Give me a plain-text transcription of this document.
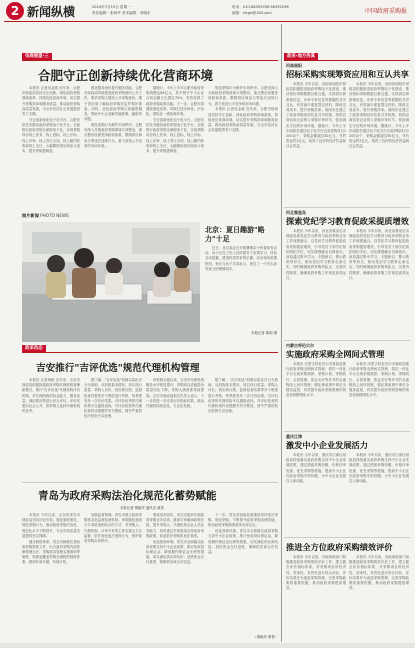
2 新闻纵横	2024年7月15日 星期一
责任编辑：张杨华 美术编辑：李晓东
电话：010-68392598 68392598
邮箱：zfcgb@163.com	中国政府采购报
电商展望·三
合肥守正创新持续优化营商环境

本报讯 记者吴金威 近年来，合肥市财政局坚持守正创新，深化政府采购领域改革，持续优化营商环境，切实提升采购效率和服务质量，推动政府采购高质量发展，为全市经济社会发展提供有力支撑。

守正创新优化电子化平台。合肥市依托安徽省政府采购电子化平台，全面推行政府采购全流程电子化，实现采购项目线上发布、线上投标、线上开标、线上评审、线上签订合同、线上履约验收和线上支付，大幅降低供应商参与成本，提升采购透明度。

强化服务意识提升服务效能。合肥市财政局持续推进政府采购意向公开工作，要求采购人提前公开采购意向，便于供应商了解政府采购信息并做好准备。同时，优化政府采购合同融资服务，帮助中小企业解决融资难、融资贵问题。

规范采购行为维护市场秩序。合肥市深入开展政府采购领域专项整治，重点整治设置差别歧视条款、限制供应商参与等违法违规行为，着力营造公平竞争的市场环境。

据统计，今年上半年合肥市政府采购规模达86亿元，其中授予中小企业合同金额占比超过70%，有效发挥了政府采购政策功能。下一步，合肥市将继续深化改革，持续打造市场化、法治化、国际化一流营商环境。

守正创新优化电子化平台。合肥市依托安徽省政府采购电子化平台，全面推行政府采购全流程电子化，实现采购项目线上发布、线上投标、线上开标、线上评审、线上签订合同、线上履约验收和线上支付，大幅降低供应商参与成本，提升采购透明度。

规范采购行为维护市场秩序。合肥市深入开展政府采购领域专项整治，重点整治设置差别歧视条款、限制供应商参与等违法违规行为，着力营造公平竞争的市场环境。

本报讯 记者吴金威 近年来，合肥市财政局坚持守正创新，深化政府采购领域改革，持续优化营商环境，切实提升采购效率和服务质量，推动政府采购高质量发展，为全市经济社会发展提供有力支撑。

图片新闻 PHOTO NEWS
北京：夏日趣游"略力"十足

近日，北京某社区开展暑期亲子科普体验活动，孩子们在工作人员的指导下参观学习，体验互动装置，感受科技带来的乐趣。活动现场氛围热烈，家长与孩子共同参与，度过了一个充实而有意义的暑期周末。

本报记者 陈明 摄
政采动态
吉安推行"吉评优选"规范代理机构管理

本报讯 记者杨帆 近年来，吉安市财政局积极探索政府采购代理机构管理新模式，推行"吉评优选"代理机构评价机制，对代理机构的执业能力、服务质量、诚信情况等进行综合评价，评价结果向社会公开，供采购人选择代理机构时参考。

据了解，"吉评优选"机制以量化评分为基础，从机构基本情况、项目执行质量、采购人评价、供应商反馈、监督检查结果等多个维度进行考核，每季度发布一次评价结果。对评价优秀的代理机构予以通报表扬，对评价较差的代理机构约谈提醒并责令整改，情节严重的依法依规予以处理。

该机制实施以来，吉安市代理机构服务水平明显提升，采购项目质疑投诉数量同比下降，采购人满意度持续提高。吉安市财政局相关负责人表示，下一步将进一步完善评价指标体系，推动代理机构规范化、专业化发展。

据了解，"吉评优选"机制以量化评分为基础，从机构基本情况、项目执行质量、采购人评价、供应商反馈、监督检查结果等多个维度进行考核，每季度发布一次评价结果。对评价优秀的代理机构予以通报表扬，对评价较差的代理机构约谈提醒并责令整改，情节严重的依法依规予以处理。

青岛为政府采购法治化规范化蓄势赋能
本报记者 胡晓华 通讯员 黄青

本报讯 今年以来，山东省青岛市财政局坚持法治引领，强化制度建设，规范采购行为，推动政府采购法治化、规范化水平不断提升，为全市高质量发展提供坚实保障。

健全制度体系。青岛市梳理完善政府采购制度文件，出台政府采购内部控制管理办法、采购需求管理实施细则等制度，构建起覆盖采购全流程的制度体系，做到有章可循、有规可依。

加强监督管理。青岛市建立政府采购常态化监督检查机制，采取随机抽查与专项检查相结合的方式，对采购人、代理机构、评审专家等主体实施全方位监督，依法查处违法违规行为，维护政府采购市场秩序。

强化培训宣传。青岛市组织开展政府采购业务培训，邀请专家解读政策法规，提升采购人、代理机构从业人员业务能力；同时通过多种渠道宣传政府采购政策，营造依法采购的良好氛围。

优化营商环境。青岛市全面落实政府采购支持中小企业政策，推行免收投标保证金、降低履约保证金比例等措施，切实减轻供应商负担；加快资金支付进度，保障供应商合法权益。

下一步，青岛市财政局将继续坚持依法采购、规范采购，不断提升政府采购治理效能，推动政府采购制度改革走深走实。

优化营商环境。青岛市全面落实政府采购支持中小企业政策，推行免收投标保证金、降低履约保证金比例等措施，切实减轻供应商负担；加快资金支付进度，保障供应商合法权益。

（胡晓华 黄青）
政采·地方传真
河南南阳
招标采购实现筹资应用和互认共享

本报讯 今年以来，河南省南阳市财政局积极推进政府采购电子化建设，推动招标采购数据互联互通，实现供应商资格信息、评审专家信息等数据的共享互认，有效减少重复提交材料，降低交易成本，提升采购效率。南阳市还建立了政府采购信用信息共享机制，将供应商信用记录纳入采购评审环节，营造诚实守信的市场环境。据统计，今年上半年南阳市通过电子化平台完成采购项目1200余个，采购金额超过30亿元，节约资金约2亿元，取得了良好的经济效益和社会效益。

本报讯 今年以来，河南省南阳市财政局积极推进政府采购电子化建设，推动招标采购数据互联互通，实现供应商资格信息、评审专家信息等数据的共享互认，有效减少重复提交材料，降低交易成本，提升采购效率。南阳市还建立了政府采购信用信息共享机制，将供应商信用记录纳入采购评审环节，营造诚实守信的市场环境。据统计，今年上半年南阳市通过电子化平台完成采购项目1200余个，采购金额超过30亿元，节约资金约2亿元，取得了良好的经济效益和社会效益。

河北秦皇岛
探索党纪学习教育促政采提质增效

本报讯 今年以来，河北省秦皇岛市财政局将党纪学习教育与政府采购业务工作深度融合，以党纪学习教育促进政府采购提质增效，引导党员干部学纪知纪明纪守纪，切实增强廉洁自律意识。该局通过集中学习、专题研讨、警示教育等形式，推动党纪学习教育走深走实，同时梳理政府采购风险点，完善内控制度，确保政府采购工作规范高效运行。

本报讯 今年以来，河北省秦皇岛市财政局将党纪学习教育与政府采购业务工作深度融合，以党纪学习教育促进政府采购提质增效，引导党员干部学纪知纪明纪守纪，切实增强廉洁自律意识。该局通过集中学习、专题研讨、警示教育等形式，推动党纪学习教育走深走实，同时梳理政府采购风险点，完善内控制度，确保政府采购工作规范高效运行。

内蒙古呼伦贝尔
实施政府采购全网间式管理

本报讯 内蒙古呼伦贝尔市财政局推行政府采购全网间式管理，依托一体化平台实现采购预算、采购计划、采购执行、合同管理、资金支付等环节的全流程线上闭环管理，强化事前事中事后全链条监管，有效提升政府采购管理的规范化和精细化水平。

本报讯 内蒙古呼伦贝尔市财政局推行政府采购全网间式管理，依托一体化平台实现采购预算、采购计划、采购执行、合同管理、资金支付等环节的全流程线上闭环管理，强化事前事中事后全链条监管，有效提升政府采购管理的规范化和精细化水平。

重庆江津
激发中小企业发展活力

本报讯 今年以来，重庆市江津区财政局持续落实政府采购支持中小企业发展政策，通过预留采购份额、价格评审优惠、优先采购等措施，提高中小企业在政府采购中的份额，为中小企业发展注入新动能。

本报讯 今年以来，重庆市江津区财政局持续落实政府采购支持中小企业发展政策，通过预留采购份额、价格评审优惠、优先采购等措施，提高中小企业在政府采购中的份额，为中小企业发展注入新动能。

推进全方位政府采购绩效评价

本报讯 今年以来，各地财政部门积极推进政府采购绩效评价工作，建立健全评价指标体系，对采购项目的经济性、效率性、有效性进行综合评价，评价结果作为改进采购管理、完善采购政策的重要依据，推动政府采购提质增效。

本报讯 今年以来，各地财政部门积极推进政府采购绩效评价工作，建立健全评价指标体系，对采购项目的经济性、效率性、有效性进行综合评价，评价结果作为改进采购管理、完善采购政策的重要依据，推动政府采购提质增效。
